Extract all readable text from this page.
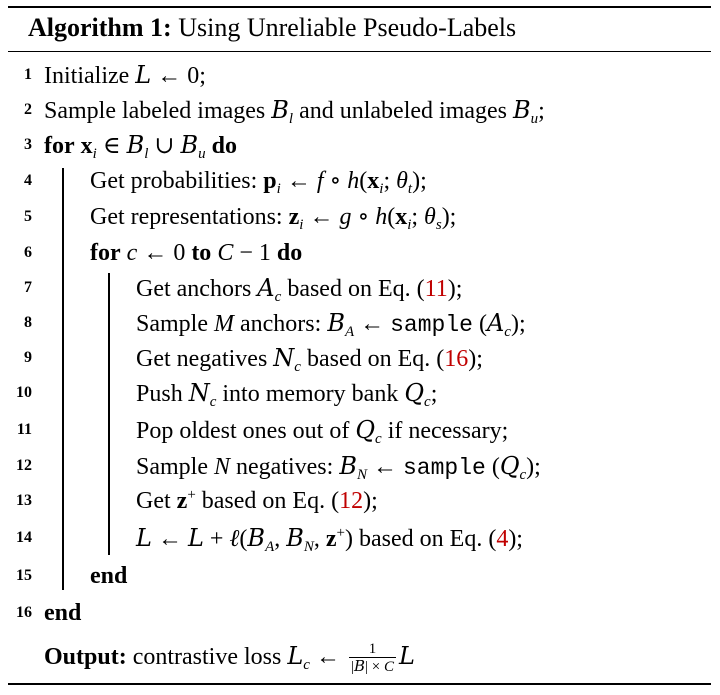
Algorithm 1: Using Unreliable Pseudo-Labels
1 Initialize L ← 0;
2 Sample labeled images $B_l$ and unlabeled images $B_u$;
3 for $x_i$ ∈ $B_l$ ∪ $B_u$ do
4 Get probabilities: $p_i$ ← f ∘ $h(x_i$; $\theta_t$);
5 Get representations: $z_i$ ← g ∘ $h(x_i$; $\theta_s$);
6 for c ← 0 to C − 1 do
7	Get anchors $A_c$ based on Eq. (11);
8	Sample M anchors: $B_A$ ← sample $(A_c)$;
9	Get negatives $N_c$ based on Eq. (16);
10	Push $N_c$ into memory bank $Q_c$;
11	Pop oldest ones out of $Q_c$ if necessary;
12	Sample N negatives: $B_N$ ← sample $(Q_c)$;
13	Get z+ based on Eq. (12);
14	L ← $L + \ell(B_A$, $B_N$, z+) based on Eq. (4);
15 end
16 end
Output: contrastive loss $L_c$ ← $\frac{1}{|B| \times C}$ L
